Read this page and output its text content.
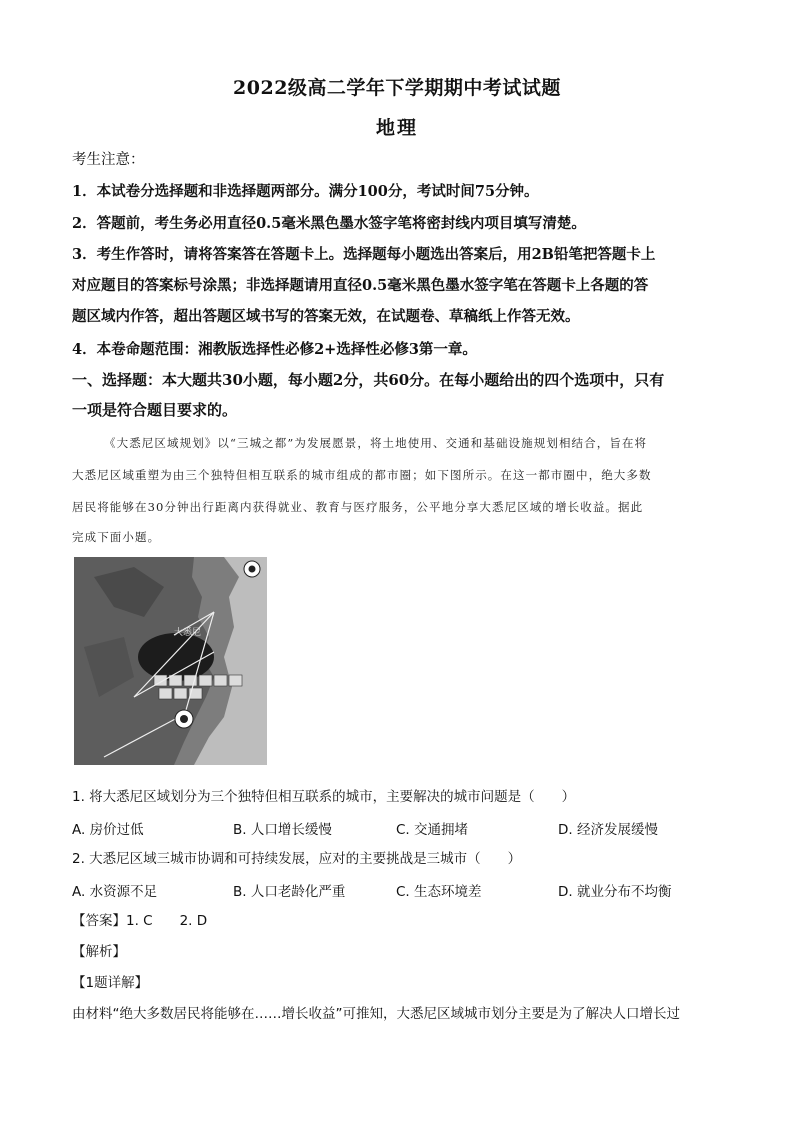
2022级高二学年下学期期中考试试题
地理
考生注意：
1．本试卷分选择题和非选择题两部分。满分100分，考试时间75分钟。
2．答题前，考生务必用直径0.5毫米黑色墨水签字笔将密封线内项目填写清楚。
3．考生作答时，请将答案答在答题卡上。选择题每小题选出答案后，用2B铅笔把答题卡上
对应题目的答案标号涂黑；非选择题请用直径0.5毫米黑色墨水签字笔在答题卡上各题的答
题区域内作答，超出答题区域书写的答案无效，在试题卷、草稿纸上作答无效。
4．本卷命题范围：湘教版选择性必修2+选择性必修3第一章。
一、选择题：本大题共30小题，每小题2分，共60分。在每小题给出的四个选项中，只有
一项是符合题目要求的。
《大悉尼区域规划》以“三城之都”为发展愿景，将土地使用、交通和基础设施规划相结合，旨在将
大悉尼区域重塑为由三个独特但相互联系的城市组成的都市圈；如下图所示。在这一都市圈中，绝大多数
居民将能够在30分钟出行距离内获得就业、教育与医疗服务，公平地分享大悉尼区域的增长收益。据此
完成下面小题。
大悉尼
1. 将大悉尼区域划分为三个独特但相互联系的城市，主要解决的城市问题是（　　）
A. 房价过低	B. 人口增长缓慢	C. 交通拥堵	D. 经济发展缓慢
2. 大悉尼区域三城市协调和可持续发展，应对的主要挑战是三城市（　　）
A. 水资源不足	B. 人口老龄化严重	C. 生态环境差	D. 就业分布不均衡
【答案】1. C　　2. D
【解析】
【1题详解】
由材料“绝大多数居民将能够在……增长收益”可推知，大悉尼区域城市划分主要是为了解决人口增长过
